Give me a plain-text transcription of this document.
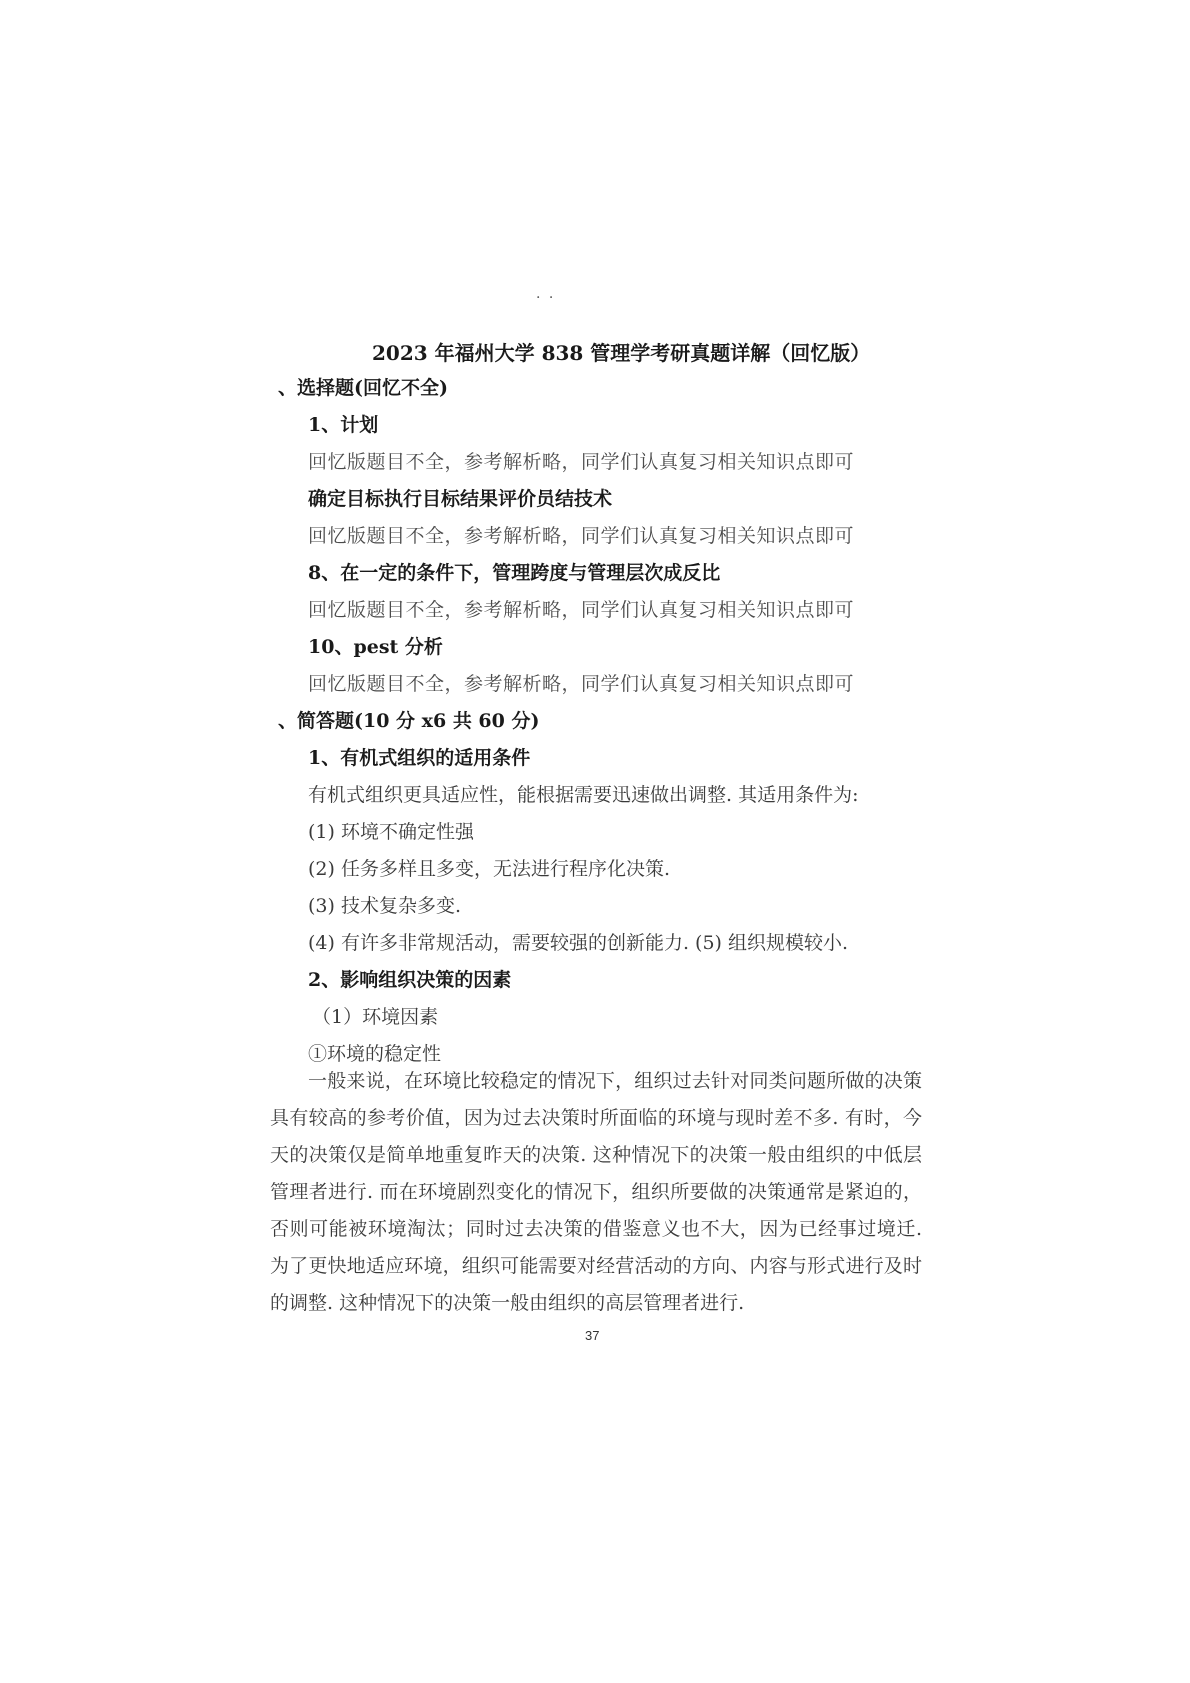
· ·
2023 年福州大学 838 管理学考研真题详解（回忆版）
、选择题(回忆不全)
1、计划
回忆版题目不全，参考解析略，同学们认真复习相关知识点即可
确定目标执行目标结果评价员结技术
回忆版题目不全，参考解析略，同学们认真复习相关知识点即可
8、在一定的条件下，管理跨度与管理层次成反比
回忆版题目不全，参考解析略，同学们认真复习相关知识点即可
10、pest 分析
回忆版题目不全，参考解析略，同学们认真复习相关知识点即可
、简答题(10 分 x6 共 60 分)
1、有机式组织的适用条件
有机式组织更具适应性，能根据需要迅速做出调整. 其适用条件为:
(1) 环境不确定性强
(2) 任务多样且多变，无法进行程序化决策.
(3) 技术复杂多变.
(4) 有许多非常规活动，需要较强的创新能力. (5) 组织规模较小.
2、影响组织决策的因素
（1）环境因素
①环境的稳定性

一般来说，在环境比较稳定的情况下，组织过去针对同类问题所做的决策具有较高的参考价值，因为过去决策时所面临的环境与现时差不多. 有时，今天的决策仅是简单地重复昨天的决策. 这种情况下的决策一般由组织的中低层管理者进行. 而在环境剧烈变化的情况下，组织所要做的决策通常是紧迫的，否则可能被环境淘汰；同时过去决策的借鉴意义也不大，因为已经事过境迁. 为了更快地适应环境，组织可能需要对经营活动的方向、内容与形式进行及时的调整. 这种情况下的决策一般由组织的高层管理者进行.

37
